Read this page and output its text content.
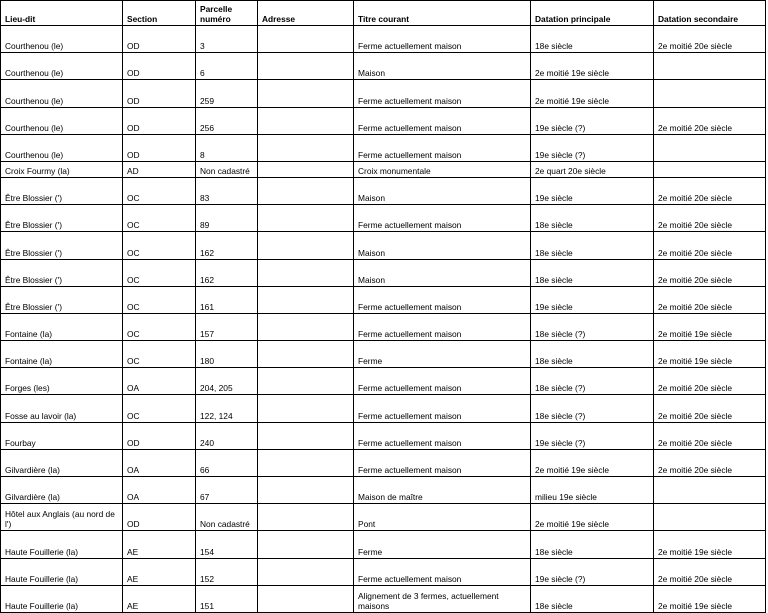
Lieu-dit	Section	Parcelle numéro	Adresse	Titre courant	Datation principale	Datation secondaire
Courthenou (le)	OD	3		Ferme actuellement maison	18e siècle	2e moitié 20e siècle
Courthenou (le)	OD	6		Maison	2e moitié 19e siècle	
Courthenou (le)	OD	259		Ferme actuellement maison	2e moitié 19e siècle	
Courthenou (le)	OD	256		Ferme actuellement maison	19e siècle (?)	2e moitié 20e siècle
Courthenou (le)	OD	8		Ferme actuellement maison	19e siècle (?)	
Croix Fourmy (la)	AD	Non cadastré		Croix monumentale	2e quart 20e siècle	
Être Blossier (')	OC	83		Maison	19e siècle	2e moitié 20e siècle
Être Blossier (')	OC	89		Ferme actuellement maison	18e siècle	2e moitié 20e siècle
Être Blossier (')	OC	162		Maison	18e siècle	2e moitié 20e siècle
Être Blossier (')	OC	162		Maison	18e siècle	2e moitié 20e siècle
Être Blossier (')	OC	161		Ferme actuellement maison	19e siècle	2e moitié 20e siècle
Fontaine (la)	OC	157		Ferme actuellement maison	18e siècle (?)	2e moitié 19e siècle
Fontaine (la)	OC	180		Ferme	18e siècle	2e moitié 19e siècle
Forges (les)	OA	204, 205		Ferme actuellement maison	18e siècle (?)	2e moitié 20e siècle
Fosse au lavoir (la)	OC	122, 124		Ferme actuellement maison	18e siècle (?)	2e moitié 20e siècle
Fourbay	OD	240		Ferme actuellement maison	19e siècle (?)	2e moitié 20e siècle
Gilvardière (la)	OA	66		Ferme actuellement maison	2e moitié 19e siècle	2e moitié 20e siècle
Gilvardière (la)	OA	67		Maison de maître	milieu 19e siècle	
Hôtel aux Anglais (au nord de l')	OD	Non cadastré		Pont	2e moitié 19e siècle	
Haute Fouillerie (la)	AE	154		Ferme	18e siècle	2e moitié 19e siècle
Haute Fouillerie (la)	AE	152		Ferme actuellement maison	19e siècle (?)	2e moitié 20e siècle
Haute Fouillerie (la)	AE	151		Alignement de 3 fermes, actuellement maisons	18e siècle	2e moitié 19e siècle
